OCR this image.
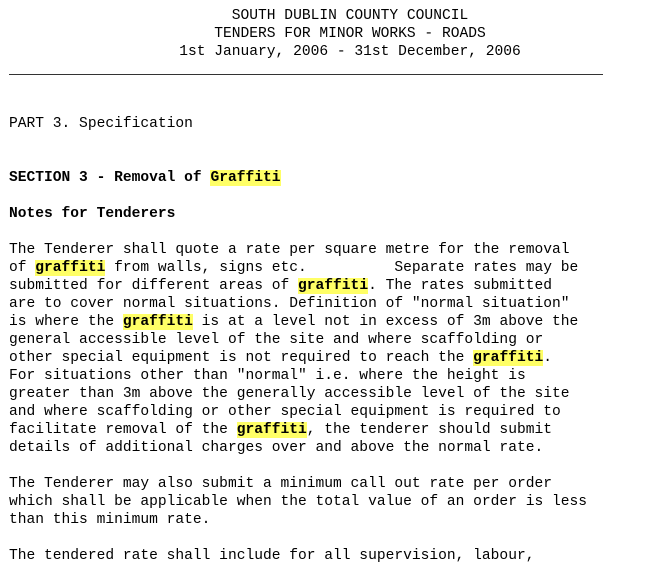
SOUTH DUBLIN COUNTY COUNCIL
TENDERS FOR MINOR WORKS - ROADS
1st January, 2006 - 31st December, 2006
PART 3. Specification
SECTION 3 - Removal of Graffiti
Notes for Tenderers
The Tenderer shall quote a rate per square metre for the removal
of graffiti from walls, signs etc.          Separate rates may be
submitted for different areas of graffiti. The rates submitted
are to cover normal situations. Definition of "normal situation"
is where the graffiti is at a level not in excess of 3m above the
general accessible level of the site and where scaffolding or
other special equipment is not required to reach the graffiti.
For situations other than "normal" i.e. where the height is
greater than 3m above the generally accessible level of the site
and where scaffolding or other special equipment is required to
facilitate removal of the graffiti, the tenderer should submit
details of additional charges over and above the normal rate.
The Tenderer may also submit a minimum call out rate per order
which shall be applicable when the total value of an order is less
than this minimum rate.
The tendered rate shall include for all supervision, labour,
